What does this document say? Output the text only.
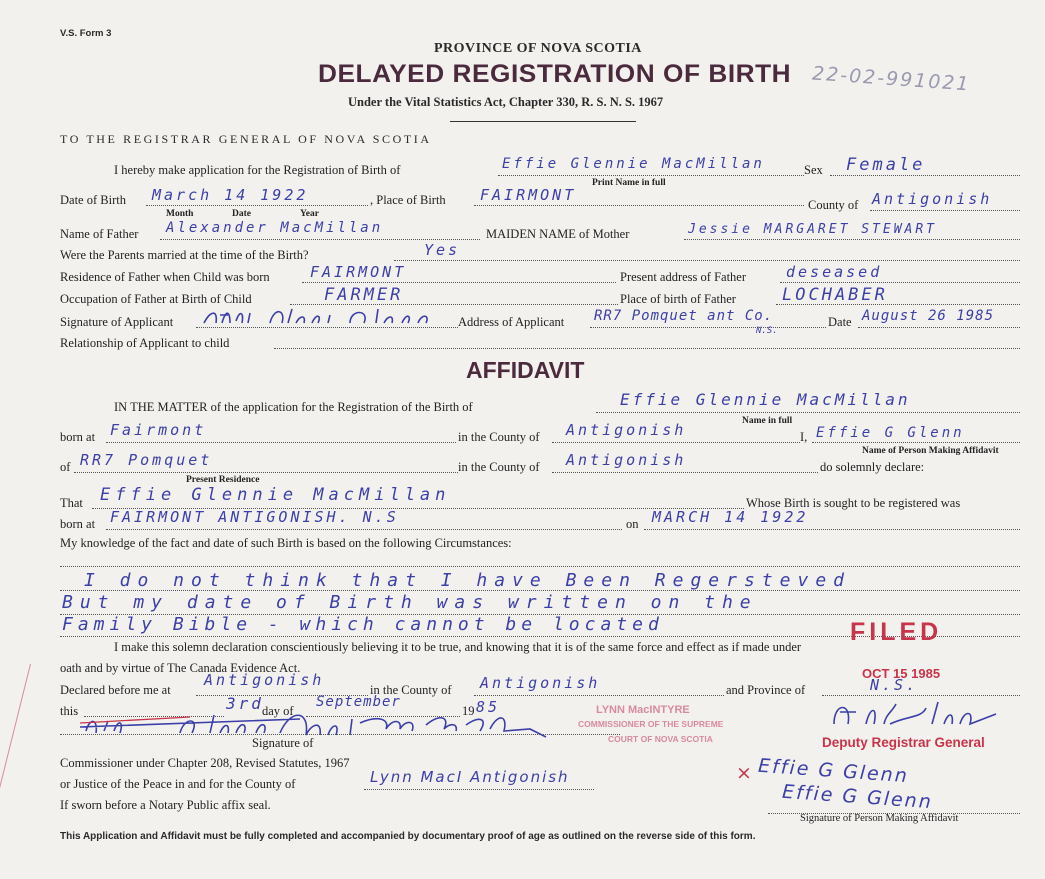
V.S. Form 3
PROVINCE OF NOVA SCOTIA
DELAYED REGISTRATION OF BIRTH 22-02-991021
Under the Vital Statistics Act, Chapter 330, R. S. N. S. 1967
TO THE REGISTRAR GENERAL OF NOVA SCOTIA
I hereby make application for the Registration of Birth of	Effie Glennie MacMillan	Sex Female
Print Name in full
Date of Birth March 14 1922	, Place of Birth FAIRMONT
County of Antigonish
Month	Date	Year
Name of Father Alexander MacMillan	MAIDEN NAME of Mother	Jessie MARGARET STEWART
Were the Parents married at the time of the Birth?	Yes
Residence of Father when Child was born	FAIRMONT	Present address of Father	deseased
Occupation of Father at Birth of Child	FARMER	Place of birth of Father	LOCHABER
Signature of Applicant	Address of Applicant RR7 Pomquet ant Co.
N.S.
Date August 26 1985
Relationship of Applicant to child
AFFIDAVIT
IN THE MATTER of the application for the Registration of the Birth of	Effie Glennie MacMillan
Name in full
born at Fairmont	in the County of Antigonish	I, Effie G Glenn
Name of Person Making Affidavit
of RR7 Pomquet
Present Residence
in the County of Antigonish	do solemnly declare:
That Effie Glennie MacMillan	Whose Birth is sought to be registered was
born at FAIRMONT ANTIGONISH. N.S	on MARCH 14 1922
My knowledge of the fact and date of such Birth is based on the following Circumstances:
I do not think that I have Been Regersteved
But my date of Birth was written on the
Family Bible - which cannot be located	FILED
I make this solemn declaration conscientiously believing it to be true, and knowing that it is of the same force and effect as if made under
oath and by virtue of The Canada Evidence Act.	OCT 15 1985
Declared before me at
Antigonish
in the County of Antigonish	and Province of	N.S.
this	3rd
day of
September
19 85
Signature of
LYNN MacINTYRE
COMMISSIONER OF THE SUPREME
COURT OF NOVA SCOTIA	Deputy Registrar General
Commissioner under Chapter 208, Revised Statutes, 1967
or Justice of the Peace in and for the County of	Lynn MacI Antigonish
If sworn before a Notary Public affix seal.
× Effie G Glenn
Effie G Glenn
Signature of Person Making Affidavit
This Application and Affidavit must be fully completed and accompanied by documentary proof of age as outlined on the reverse side of this form.
